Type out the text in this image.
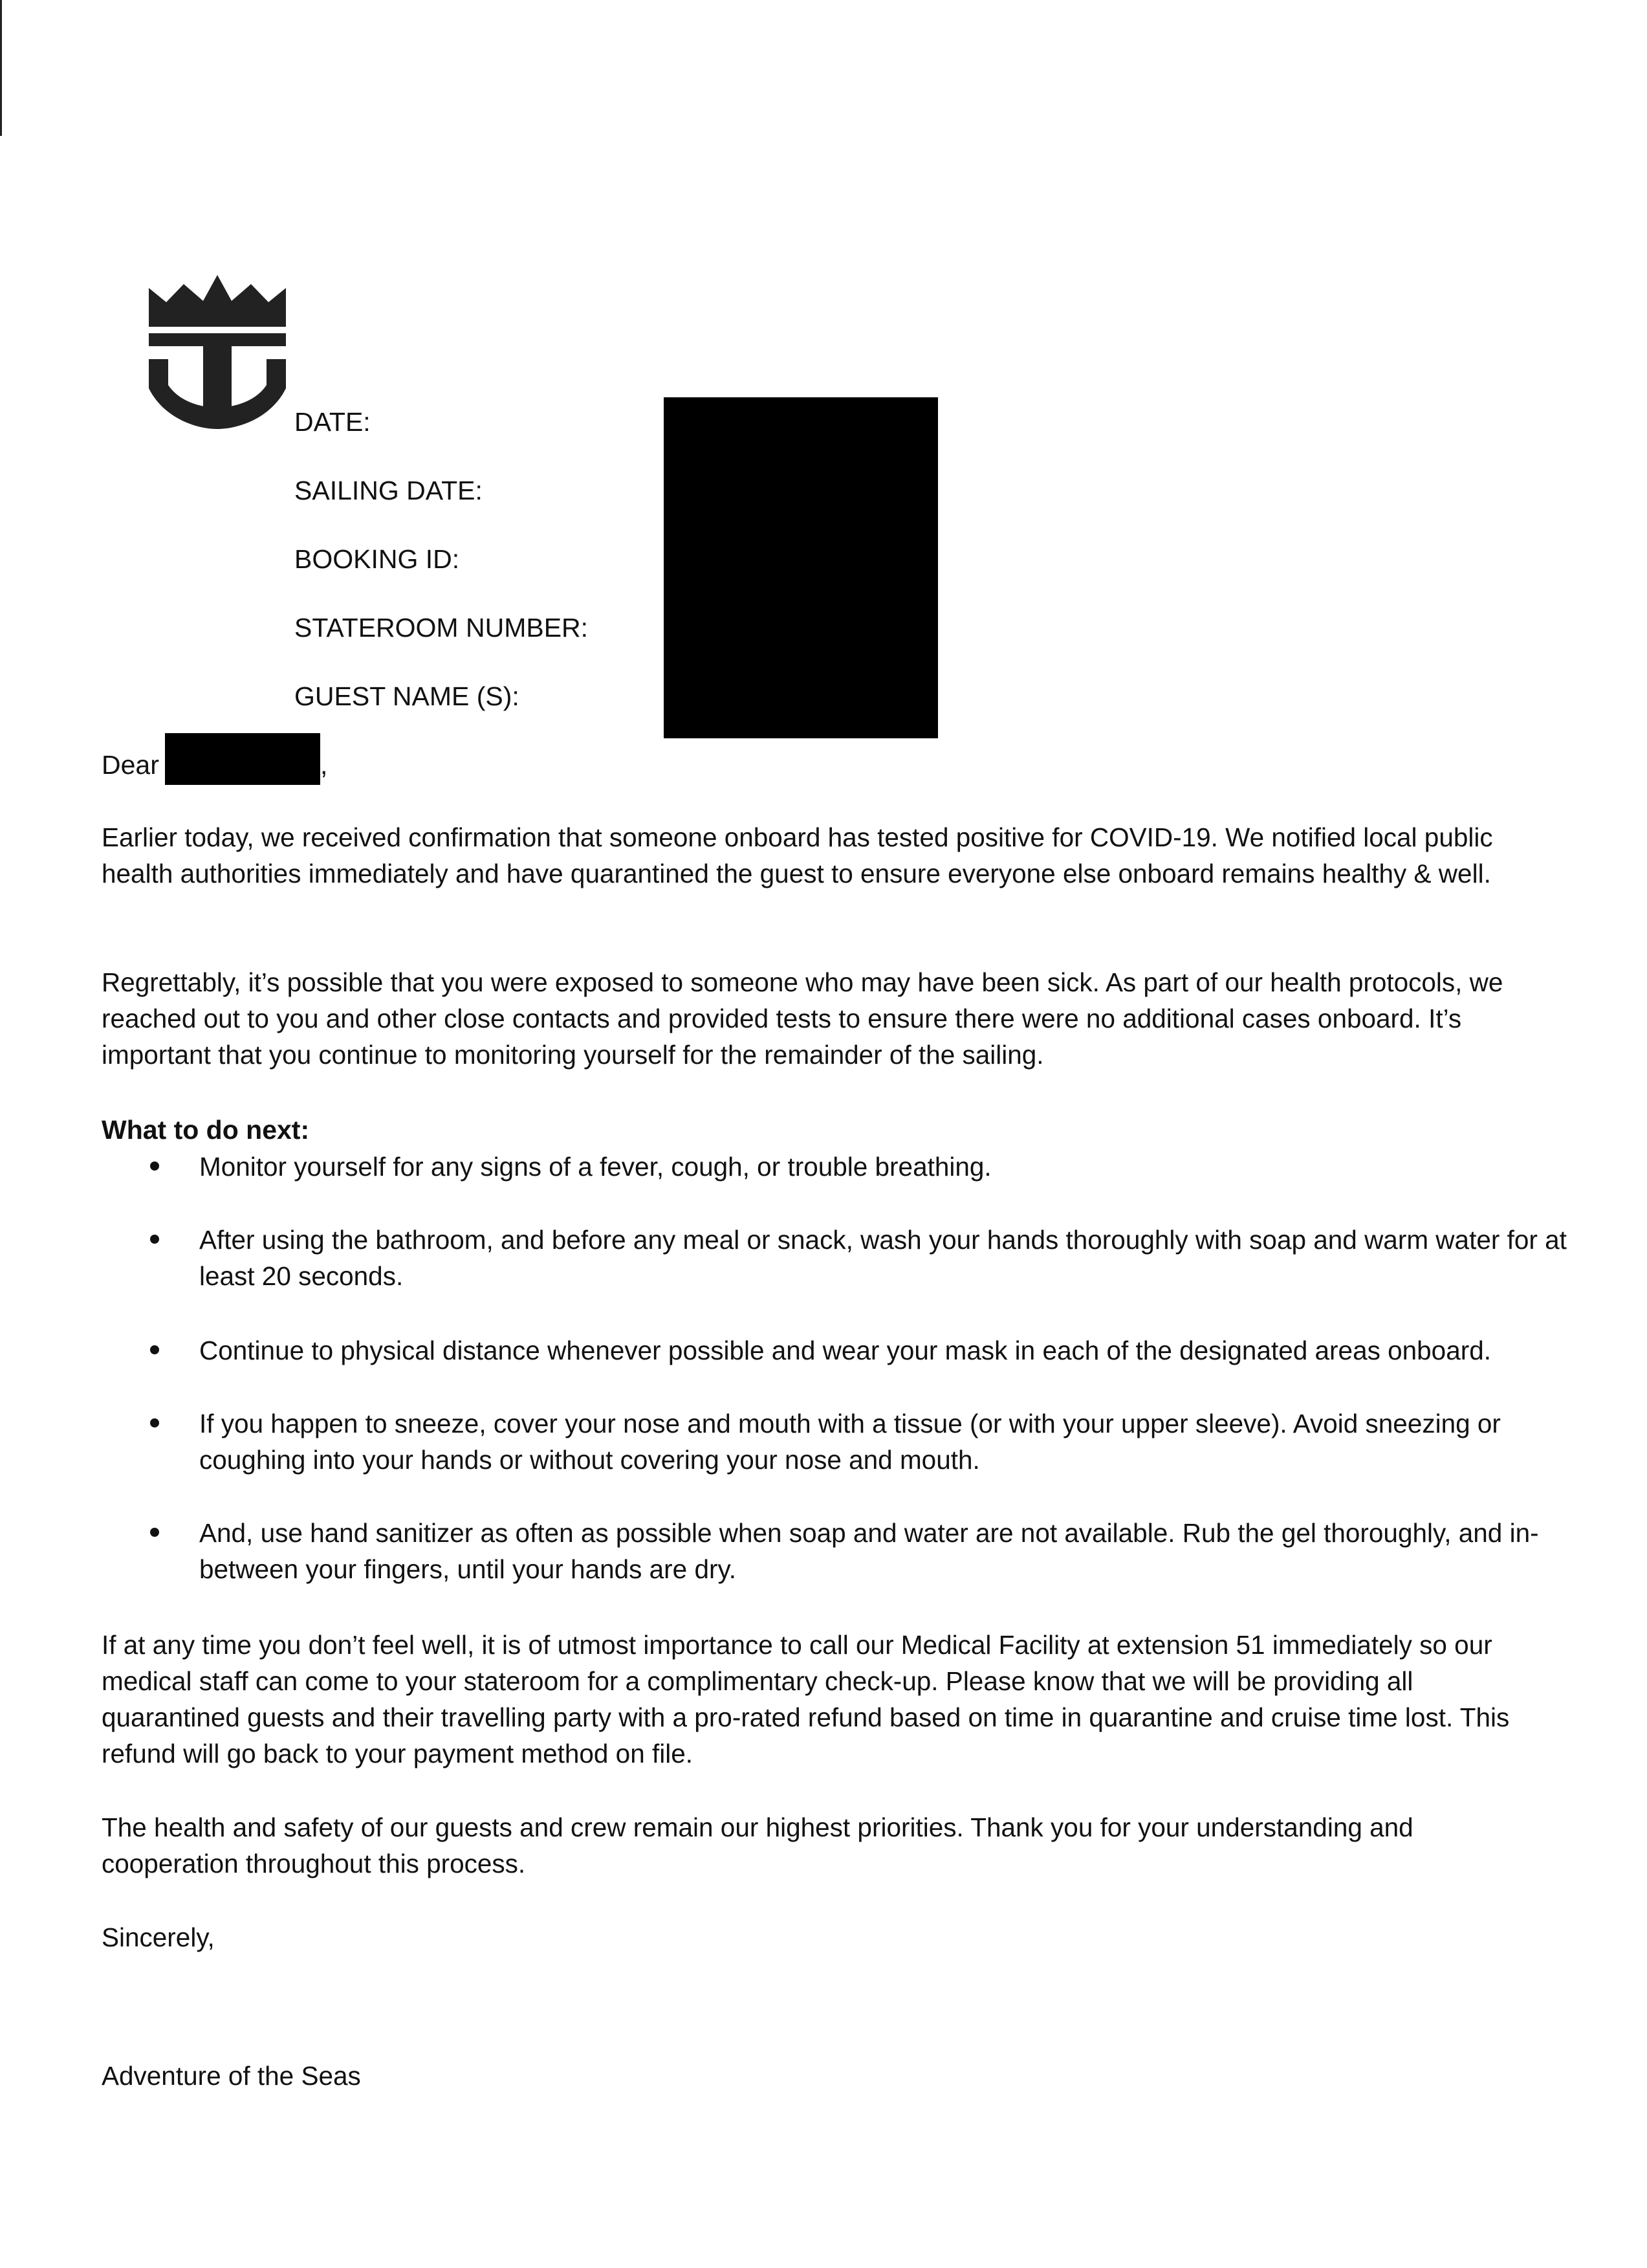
DATE:
SAILING DATE:
BOOKING ID:
STATEROOM NUMBER:
GUEST NAME (S):
Dear	,

Earlier today, we received confirmation that someone onboard has tested positive for COVID-19. We notified local public health authorities immediately and have quarantined the guest to ensure everyone else onboard remains healthy & well.

Regrettably, it’s possible that you were exposed to someone who may have been sick. As part of our health protocols, we reached out to you and other close contacts and provided tests to ensure there were no additional cases onboard. It’s important that you continue to monitoring yourself for the remainder of the sailing.

What to do next:

Monitor yourself for any signs of a fever, cough, or trouble breathing.
After using the bathroom, and before any meal or snack, wash your hands thoroughly with soap and warm water for at least 20 seconds.
Continue to physical distance whenever possible and wear your mask in each of the designated areas onboard.
If you happen to sneeze, cover your nose and mouth with a tissue (or with your upper sleeve). Avoid sneezing or coughing into your hands or without covering your nose and mouth.
And, use hand sanitizer as often as possible when soap and water are not available. Rub the gel thoroughly, and in-between your fingers, until your hands are dry.

If at any time you don’t feel well, it is of utmost importance to call our Medical Facility at extension 51 immediately so our medical staff can come to your stateroom for a complimentary check-up. Please know that we will be providing all quarantined guests and their travelling party with a pro-rated refund based on time in quarantine and cruise time lost. This refund will go back to your payment method on file.

The health and safety of our guests and crew remain our highest priorities. Thank you for your understanding and cooperation throughout this process.

Sincerely,

Adventure of the Seas
